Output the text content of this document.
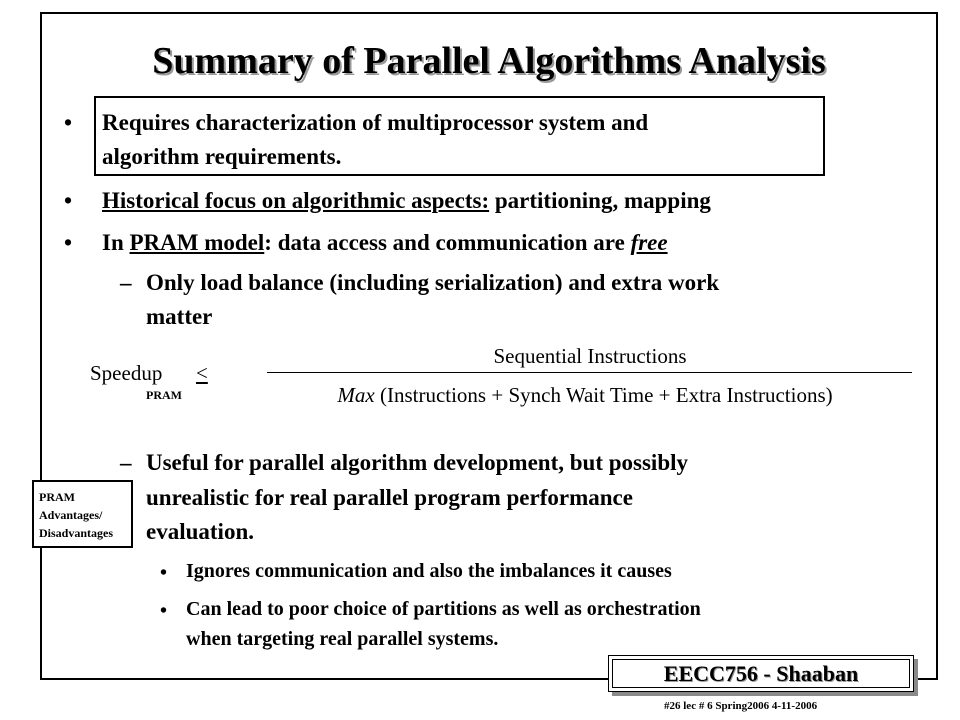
Summary of Parallel Algorithms Analysis
• Requires characterization of multiprocessor system and
algorithm requirements.
• Historical focus on algorithmic aspects: partitioning, mapping
• In PRAM model: data access and communication are free
– Only load balance (including serialization) and extra work
matter
Speedup <
PRAM
Sequential Instructions
Max (Instructions + Synch Wait Time + Extra Instructions)
– Useful for parallel algorithm development, but possibly
unrealistic for real parallel program performance
evaluation.
PRAM
Advantages/
Disadvantages
• Ignores communication and also the imbalances it causes
• Can lead to poor choice of partitions as well as orchestration
when targeting real parallel systems.
EECC756 - Shaaban
#26 lec # 6 Spring2006 4-11-2006
